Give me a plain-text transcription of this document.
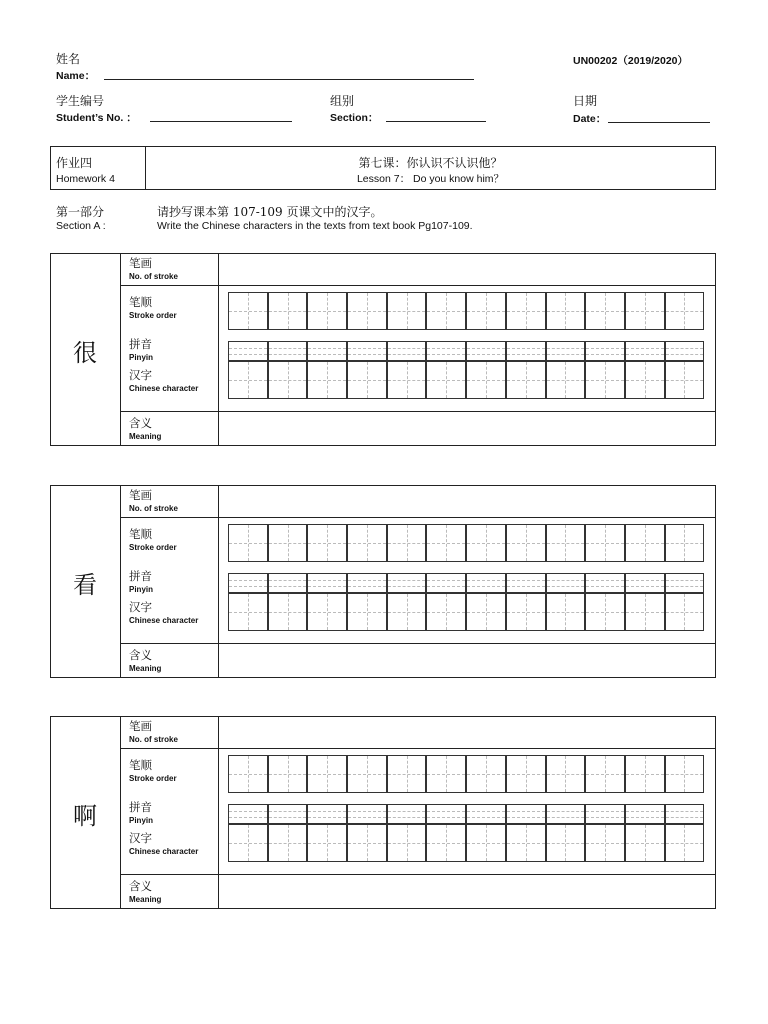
姓名
Name：
UN00202（2019/2020）
学生编号
Student’s No. ：
组别
Section：
日期
Date：
作业四
Homework 4
第七课：你认识不认识他？
Lesson 7： Do you know him？
第一部分
Section A :
请抄写课本第 107-109 页课文中的汉字。
Write the Chinese characters in the texts from text book Pg107-109.
很
笔画
No. of stroke
笔顺
Stroke order
拼音
Pinyin
汉字
Chinese character
含义
Meaning
看
笔画
No. of stroke
笔顺
Stroke order
拼音
Pinyin
汉字
Chinese character
含义
Meaning
啊
笔画
No. of stroke
笔顺
Stroke order
拼音
Pinyin
汉字
Chinese character
含义
Meaning
